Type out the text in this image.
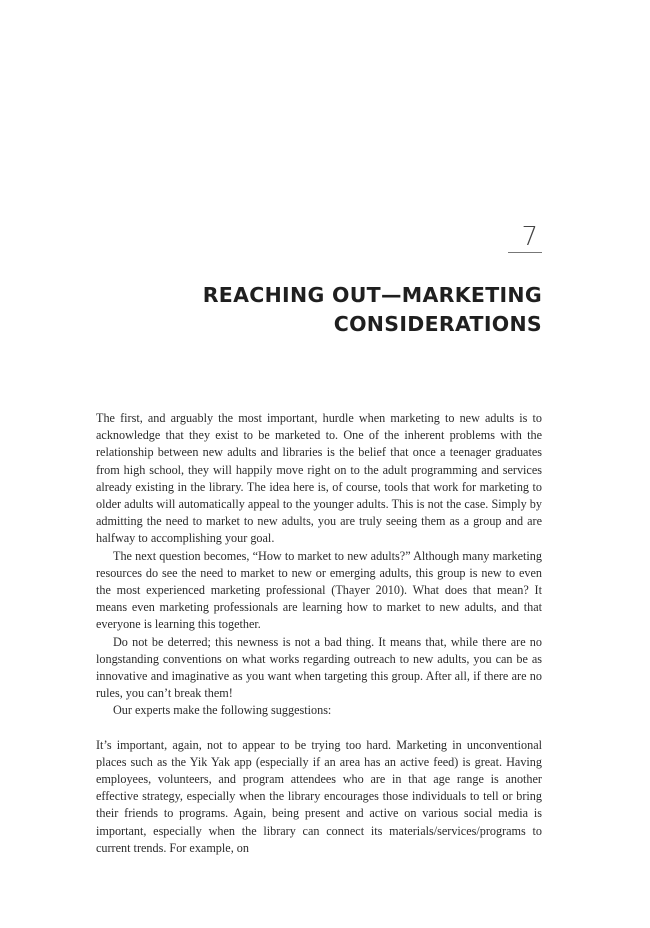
7
REACHING OUT—MARKETING
CONSIDERATIONS

The first, and arguably the most important, hurdle when marketing to new adults is to acknowledge that they exist to be marketed to. One of the inherent problems with the relationship between new adults and libraries is the belief that once a teenager graduates from high school, they will happily move right on to the adult programming and services already existing in the library. The idea here is, of course, tools that work for marketing to older adults will automatically appeal to the younger adults. This is not the case. Simply by admitting the need to market to new adults, you are truly seeing them as a group and are halfway to accomplishing your goal.

The next question becomes, “How to market to new adults?” Although many marketing resources do see the need to market to new or emerging adults, this group is new to even the most experienced marketing professional (Thayer 2010). What does that mean? It means even marketing professionals are learning how to market to new adults, and that everyone is learning this together.

Do not be deterred; this newness is not a bad thing. It means that, while there are no longstanding conventions on what works regarding outreach to new adults, you can be as innovative and imaginative as you want when targeting this group. After all, if there are no rules, you can’t break them!

Our experts make the following suggestions:

It’s important, again, not to appear to be trying too hard. Marketing in unconventional places such as the Yik Yak app (especially if an area has an active feed) is great. Having employees, volunteers, and program attendees who are in that age range is another effective strategy, especially when the library encourages those individuals to tell or bring their friends to programs. Again, being present and active on various social media is important, especially when the library can connect its materials/services/programs to current trends. For example, on
